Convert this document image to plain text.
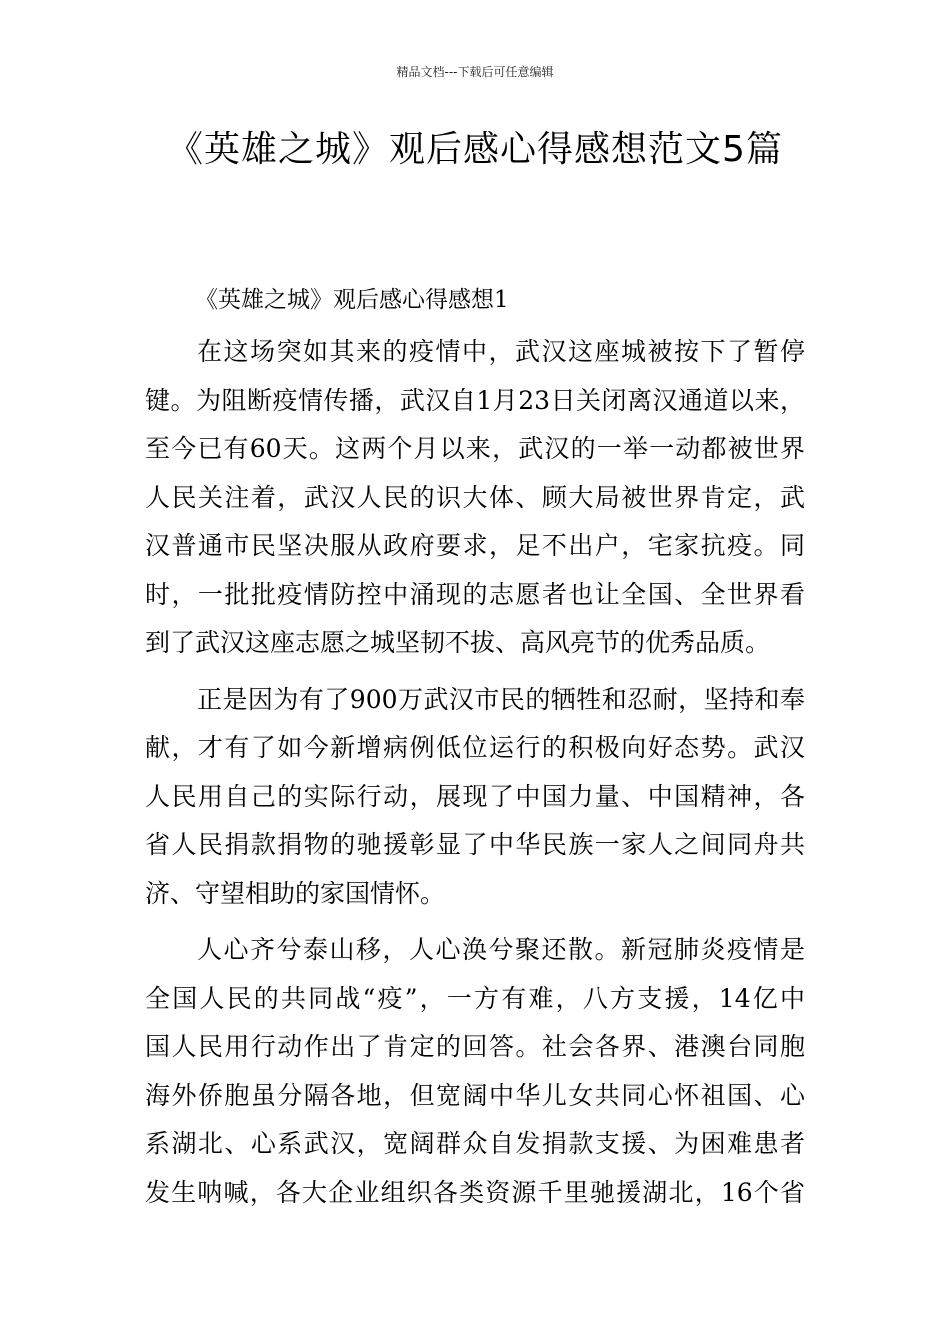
精品文档---下载后可任意编辑
《英雄之城》观后感心得感想范文5篇
《英雄之城》观后感心得感想1
在这场突如其来的疫情中，武汉这座城被按下了暂停
键。为阻断疫情传播，武汉自1月23日关闭离汉通道以来，
至今已有60天。这两个月以来，武汉的一举一动都被世界
人民关注着，武汉人民的识大体、顾大局被世界肯定，武
汉普通市民坚决服从政府要求，足不出户，宅家抗疫。同
时，一批批疫情防控中涌现的志愿者也让全国、全世界看
到了武汉这座志愿之城坚韧不拔、高风亮节的优秀品质。
正是因为有了900万武汉市民的牺牲和忍耐，坚持和奉
献，才有了如今新增病例低位运行的积极向好态势。武汉
人民用自己的实际行动，展现了中国力量、中国精神，各
省人民捐款捐物的驰援彰显了中华民族一家人之间同舟共
济、守望相助的家国情怀。
人心齐兮泰山移，人心涣兮聚还散。新冠肺炎疫情是
全国人民的共同战“疫”，一方有难，八方支援，14亿中
国人民用行动作出了肯定的回答。社会各界、港澳台同胞
海外侨胞虽分隔各地，但宽阔中华儿女共同心怀祖国、心
系湖北、心系武汉，宽阔群众自发捐款支援、为困难患者
发生呐喊，各大企业组织各类资源千里驰援湖北，16个省
